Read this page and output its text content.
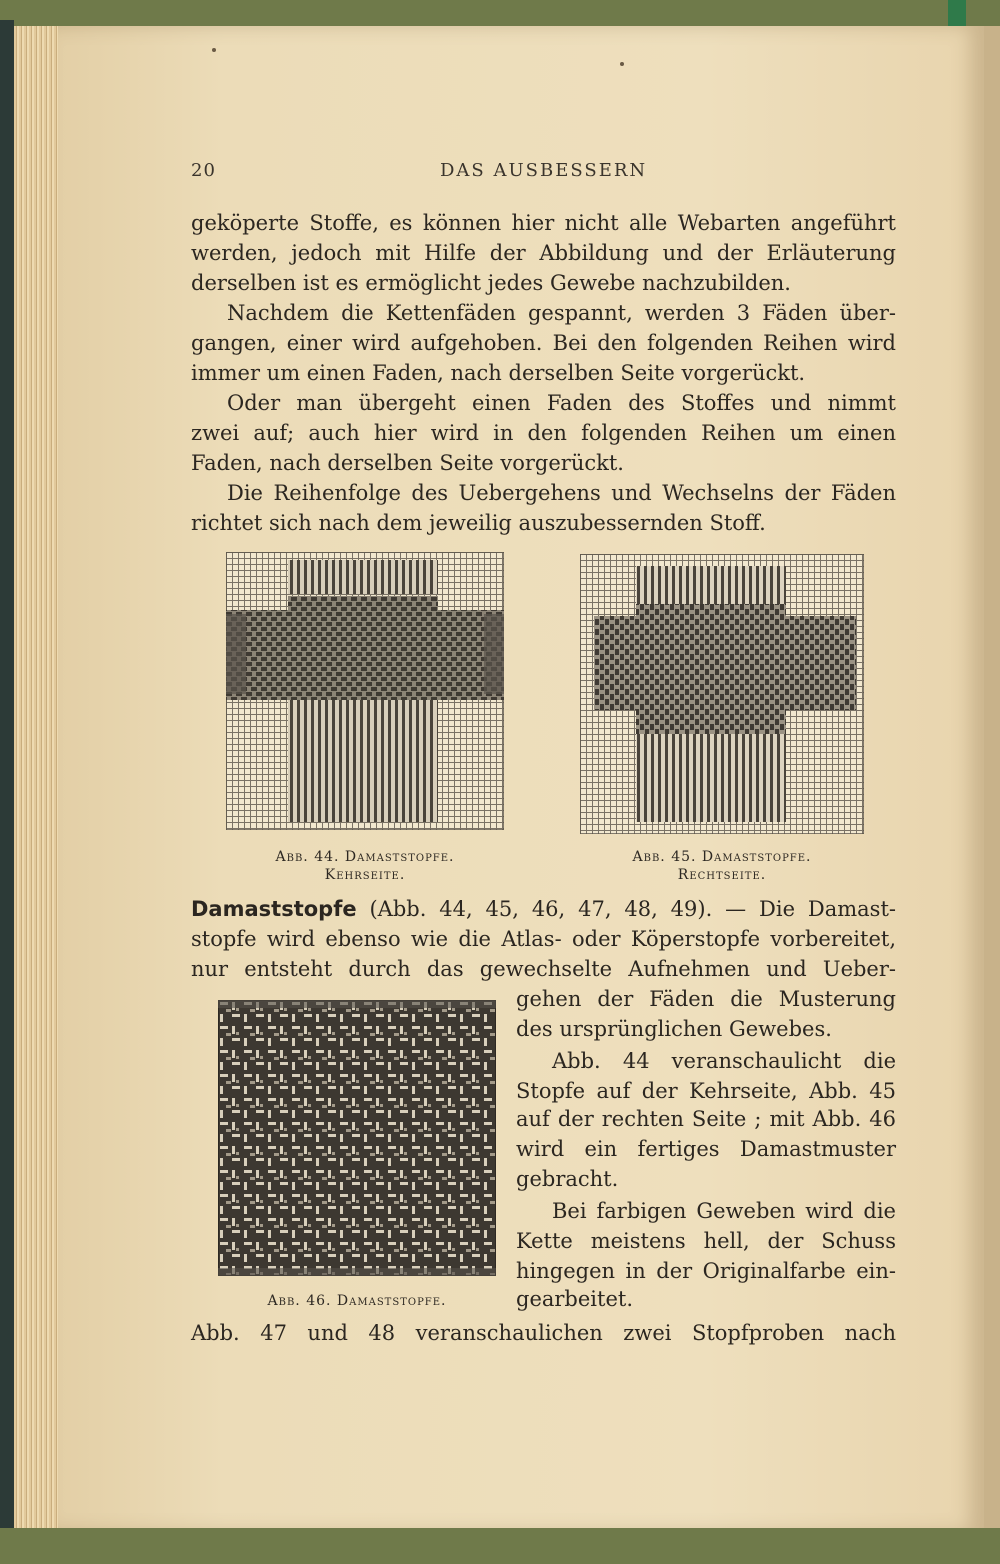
20	DAS AUSBESSERN
geköperte Stoffe, es können hier nicht alle Webarten angeführt
werden, jedoch mit Hilfe der Abbildung und der Erläuterung
derselben ist es ermöglicht jedes Gewebe nachzubilden.
Nachdem die Kettenfäden gespannt, werden 3 Fäden über-
gangen, einer wird aufgehoben. Bei den folgenden Reihen wird
immer um einen Faden, nach derselben Seite vorgerückt.
Oder man übergeht einen Faden des Stoffes und nimmt
zwei auf; auch hier wird in den folgenden Reihen um einen
Faden, nach derselben Seite vorgerückt.
Die Reihenfolge des Uebergehens und Wechselns der Fäden
richtet sich nach dem jeweilig auszubessernden Stoff.
Abb. 44. Damaststopfe.
Kehrseite.
Abb. 45. Damaststopfe.
Rechtseite.
Damaststopfe (Abb. 44, 45, 46, 47, 48, 49). — Die Damast-
stopfe wird ebenso wie die Atlas- oder Köperstopfe vorbereitet,
nur entsteht durch das gewechselte Aufnehmen und Ueber-
Abb. 46. Damaststopfe.
gehen der Fäden die Musterung
des ursprünglichen Gewebes.
Abb. 44 veranschaulicht die
Stopfe auf der Kehrseite, Abb. 45
auf der rechten Seite ; mit Abb. 46
wird ein fertiges Damastmuster
gebracht.
Bei farbigen Geweben wird die
Kette meistens hell, der Schuss
hingegen in der Originalfarbe ein-
gearbeitet.
Abb. 47 und 48 veranschaulichen zwei Stopfproben nach
